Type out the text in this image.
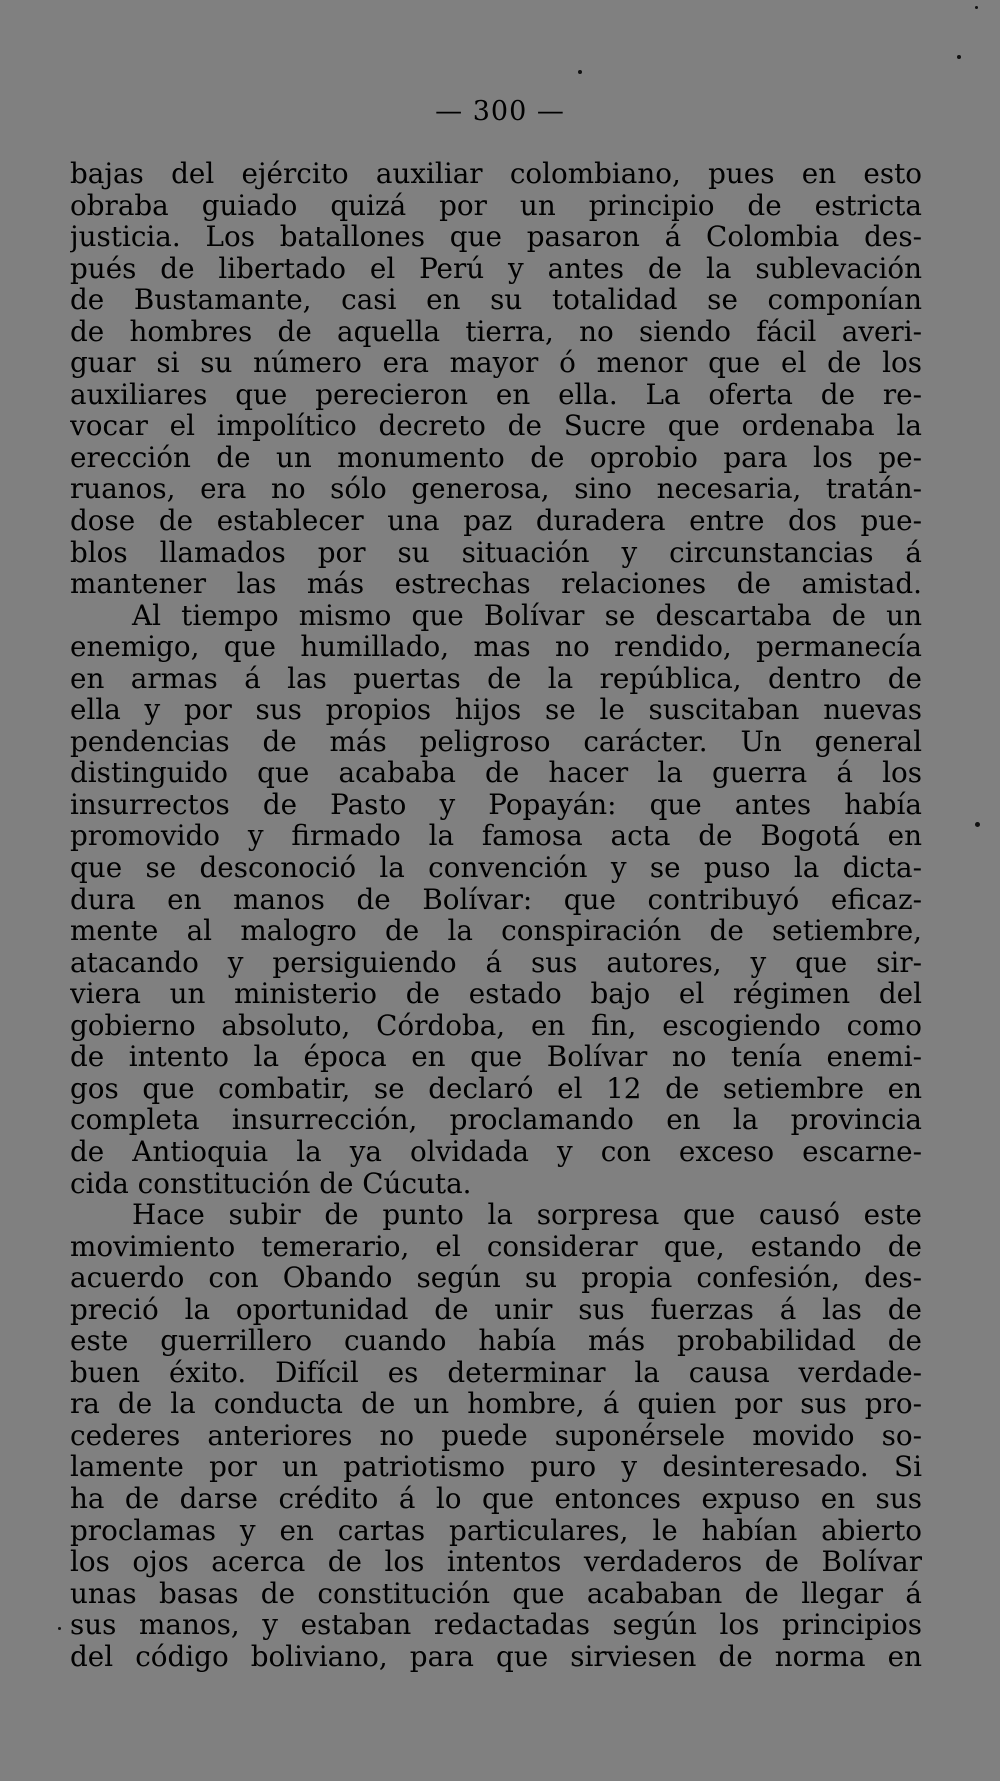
— 300 —
bajas del ejército auxiliar colombiano, pues en esto
obraba guiado quizá por un principio de estricta
justicia. Los batallones que pasaron á Colombia des-
pués de libertado el Perú y antes de la sublevación
de Bustamante, casi en su totalidad se componían
de hombres de aquella tierra, no siendo fácil averi-
guar si su número era mayor ó menor que el de los
auxiliares que perecieron en ella. La oferta de re-
vocar el impolítico decreto de Sucre que ordenaba la
erección de un monumento de oprobio para los pe-
ruanos, era no sólo generosa, sino necesaria, tratán-
dose de establecer una paz duradera entre dos pue-
blos llamados por su situación y circunstancias á
mantener las más estrechas relaciones de amistad.
Al tiempo mismo que Bolívar se descartaba de un
enemigo, que humillado, mas no rendido, permanecía
en armas á las puertas de la república, dentro de
ella y por sus propios hijos se le suscitaban nuevas
pendencias de más peligroso carácter. Un general
distinguido que acababa de hacer la guerra á los
insurrectos de Pasto y Popayán: que antes había
promovido y firmado la famosa acta de Bogotá en
que se desconoció la convención y se puso la dicta-
dura en manos de Bolívar: que contribuyó eficaz-
mente al malogro de la conspiración de setiembre,
atacando y persiguiendo á sus autores, y que sir-
viera un ministerio de estado bajo el régimen del
gobierno absoluto, Córdoba, en fin, escogiendo como
de intento la época en que Bolívar no tenía enemi-
gos que combatir, se declaró el 12 de setiembre en
completa insurrección, proclamando en la provincia
de Antioquia la ya olvidada y con exceso escarne-
cida constitución de Cúcuta.
Hace subir de punto la sorpresa que causó este
movimiento temerario, el considerar que, estando de
acuerdo con Obando según su propia confesión, des-
preció la oportunidad de unir sus fuerzas á las de
este guerrillero cuando había más probabilidad de
buen éxito. Difícil es determinar la causa verdade-
ra de la conducta de un hombre, á quien por sus pro-
cederes anteriores no puede suponérsele movido so-
lamente por un patriotismo puro y desinteresado. Si
ha de darse crédito á lo que entonces expuso en sus
proclamas y en cartas particulares, le habían abierto
los ojos acerca de los intentos verdaderos de Bolívar
unas basas de constitución que acababan de llegar á
sus manos, y estaban redactadas según los principios
del código boliviano, para que sirviesen de norma en
